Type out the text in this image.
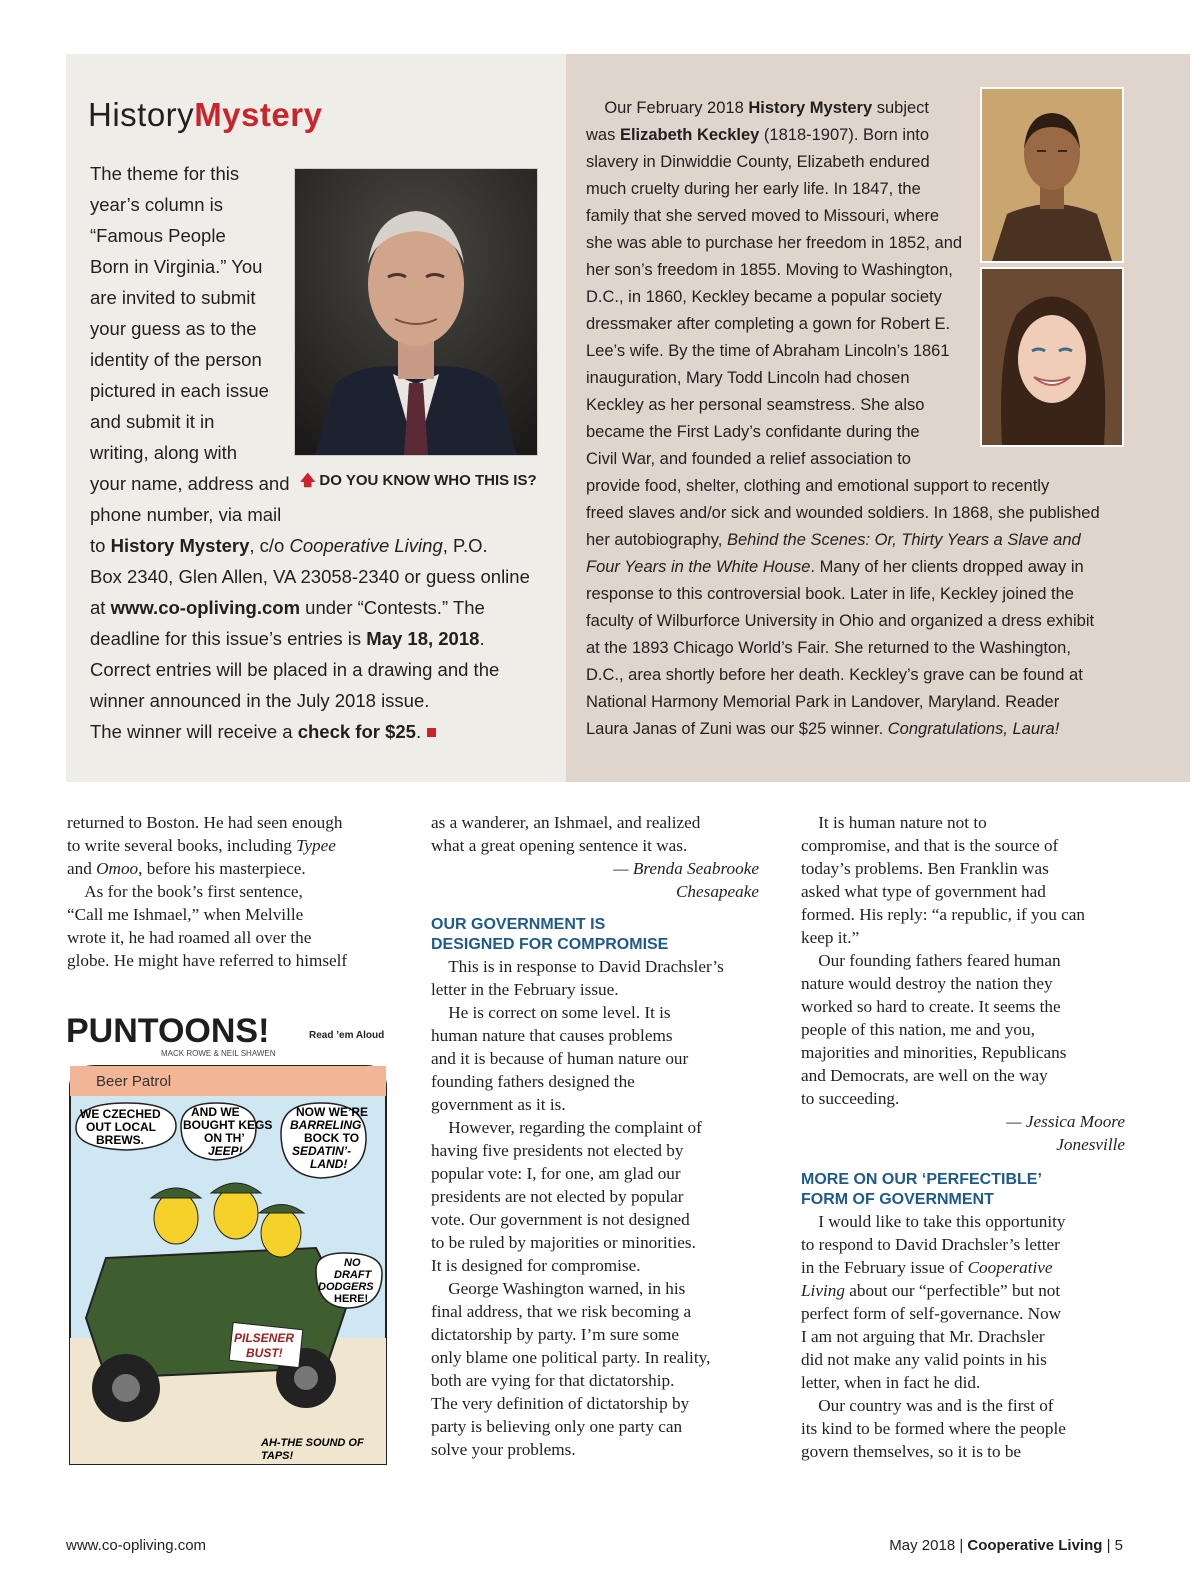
HistoryMystery
The theme for this
year’s column is
“Famous People
Born in Virginia.” You
are invited to submit
your guess as to the
identity of the person
pictured in each issue
and submit it in
writing, along with
your name, address and
phone number, via mail
to History Mystery, c/o Cooperative Living, P.O.
Box 2340, Glen Allen, VA 23058-2340 or guess online
at www.co-opliving.com under “Contests.” The
deadline for this issue’s entries is May 18, 2018.
Correct entries will be placed in a drawing and the
winner announced in the July 2018 issue.
The winner will receive a check for $25.
🡅 DO YOU KNOW WHO THIS IS?
Our February 2018 History Mystery subject
was Elizabeth Keckley (1818-1907). Born into
slavery in Dinwiddie County, Elizabeth endured
much cruelty during her early life. In 1847, the
family that she served moved to Missouri, where
she was able to purchase her freedom in 1852, and
her son’s freedom in 1855. Moving to Washington,
D.C., in 1860, Keckley became a popular society
dressmaker after completing a gown for Robert E.
Lee’s wife. By the time of Abraham Lincoln’s 1861
inauguration, Mary Todd Lincoln had chosen
Keckley as her personal seamstress. She also
became the First Lady’s confidante during the
Civil War, and founded a relief association to
provide food, shelter, clothing and emotional support to recently
freed slaves and/or sick and wounded soldiers. In 1868, she published
her autobiography, Behind the Scenes: Or, Thirty Years a Slave and
Four Years in the White House. Many of her clients dropped away in
response to this controversial book. Later in life, Keckley joined the
faculty of Wilburforce University in Ohio and organized a dress exhibit
at the 1893 Chicago World’s Fair. She returned to the Washington,
D.C., area shortly before her death. Keckley’s grave can be found at
National Harmony Memorial Park in Landover, Maryland. Reader
Laura Janas of Zuni was our $25 winner. Congratulations, Laura!
returned to Boston. He had seen enough
to write several books, including Typee
and Omoo, before his masterpiece.
As for the book’s first sentence,
“Call me Ishmael,” when Melville
wrote it, he had roamed all over the
globe. He might have referred to himself
PUNTOONS!	Read ’em Aloud
MACK ROWE & NEIL SHAWEN
Beer Patrol
WE CZECHED
OUT LOCAL
BREWS.
AND WE
BOUGHT KEGS
ON TH’
JEEP!
NOW WE’RE
BARRELING
BOCK TO
SEDATIN’-
LAND!
NO
DRAFT
DODGERS
HERE!
PILSENER
BUST!
AH-THE SOUND OF
TAPS!
as a wanderer, an Ishmael, and realized
what a great opening sentence it was.
— Brenda Seabrooke
Chesapeake
OUR GOVERNMENT IS
DESIGNED FOR COMPROMISE
This is in response to David Drachsler’s
letter in the February issue.
He is correct on some level. It is
human nature that causes problems
and it is because of human nature our
founding fathers designed the
government as it is.
However, regarding the complaint of
having five presidents not elected by
popular vote: I, for one, am glad our
presidents are not elected by popular
vote. Our government is not designed
to be ruled by majorities or minorities.
It is designed for compromise.
George Washington warned, in his
final address, that we risk becoming a
dictatorship by party. I’m sure some
only blame one political party. In reality,
both are vying for that dictatorship.
The very definition of dictatorship by
party is believing only one party can
solve your problems.
It is human nature not to
compromise, and that is the source of
today’s problems. Ben Franklin was
asked what type of government had
formed. His reply: “a republic, if you can
keep it.”
Our founding fathers feared human
nature would destroy the nation they
worked so hard to create. It seems the
people of this nation, me and you,
majorities and minorities, Republicans
and Democrats, are well on the way
to succeeding.
— Jessica Moore
Jonesville
MORE ON OUR ‘PERFECTIBLE’
FORM OF GOVERNMENT
I would like to take this opportunity
to respond to David Drachsler’s letter
in the February issue of Cooperative
Living about our “perfectible” but not
perfect form of self-governance. Now
I am not arguing that Mr. Drachsler
did not make any valid points in his
letter, when in fact he did.
Our country was and is the first of
its kind to be formed where the people
govern themselves, so it is to be
www.co-opliving.com	May 2018 | Cooperative Living | 5
